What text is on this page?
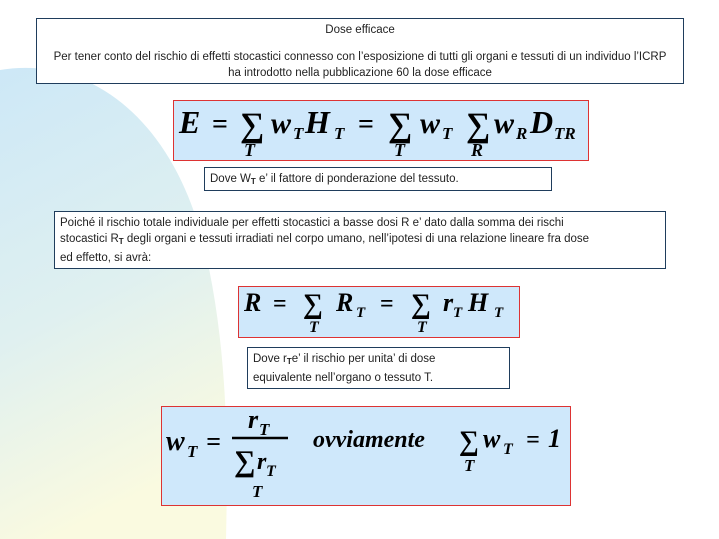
Dose efficace
Per tener conto del rischio di effetti stocastici connesso con l’esposizione di tutti gli organi e tessuti di un individuo l’ICRP ha introdotto nella pubblicazione 60 la dose efficace
E = ∑
T
w T H T = ∑
T
w T ∑
R
w R D TR
Dove $W_T$ e’ il fattore di ponderazione del tessuto.
Poiché il rischio totale individuale per effetti stocastici a basse dosi R e’ dato dalla somma dei rischi
stocastici $R_T$ degli organi e tessuti irradiati nel corpo umano, nell’ipotesi di una relazione lineare fra dose
ed effetto, si avrà:
R = ∑
T
R T = ∑
T
r T H T
Dove $r_Te$’ il rischio per unita’ di dose
equivalente nell’organo o tessuto T.
w T =
r T
∑ r T
T
ovviamente ∑
T
w T = 1
